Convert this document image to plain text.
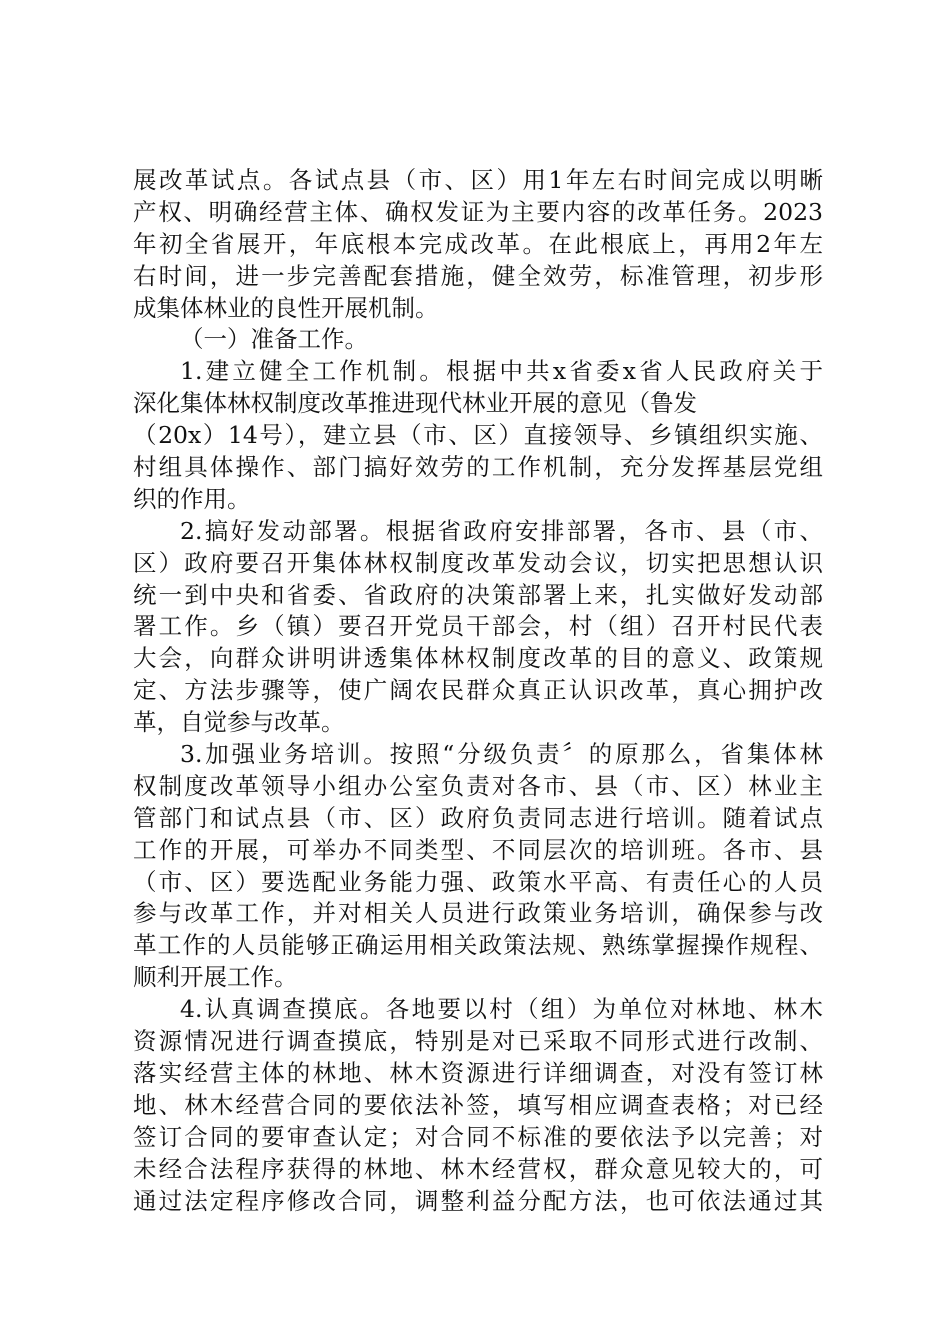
展改革试点。各试点县（市、区）用1年左右时间完成以明晰
产权、明确经营主体、确权发证为主要内容的改革任务。2023
年初全省展开，年底根本完成改革。在此根底上，再用2年左
右时间，进一步完善配套措施，健全效劳，标准管理，初步形
成集体林业的良性开展机制。
（一）准备工作。
1.建立健全工作机制。根据中共x省委x省人民政府关于
深化集体林权制度改革推进现代林业开展的意见（鲁发
（20x）14号），建立县（市、区）直接领导、乡镇组织实施、
村组具体操作、部门搞好效劳的工作机制，充分发挥基层党组
织的作用。
2.搞好发动部署。根据省政府安排部署，各市、县（市、
区）政府要召开集体林权制度改革发动会议，切实把思想认识
统一到中央和省委、省政府的决策部署上来，扎实做好发动部
署工作。乡（镇）要召开党员干部会，村（组）召开村民代表
大会，向群众讲明讲透集体林权制度改革的目的意义、政策规
定、方法步骤等，使广阔农民群众真正认识改革，真心拥护改
革，自觉参与改革。
3.加强业务培训。按照“分级负责〞的原那么，省集体林
权制度改革领导小组办公室负责对各市、县（市、区）林业主
管部门和试点县（市、区）政府负责同志进行培训。随着试点
工作的开展，可举办不同类型、不同层次的培训班。各市、县
（市、区）要选配业务能力强、政策水平高、有责任心的人员
参与改革工作，并对相关人员进行政策业务培训，确保参与改
革工作的人员能够正确运用相关政策法规、熟练掌握操作规程、
顺利开展工作。
4.认真调查摸底。各地要以村（组）为单位对林地、林木
资源情况进行调查摸底，特别是对已采取不同形式进行改制、
落实经营主体的林地、林木资源进行详细调查，对没有签订林
地、林木经营合同的要依法补签，填写相应调查表格；对已经
签订合同的要审查认定；对合同不标准的要依法予以完善；对
未经合法程序获得的林地、林木经营权，群众意见较大的，可
通过法定程序修改合同，调整利益分配方法，也可依法通过其
